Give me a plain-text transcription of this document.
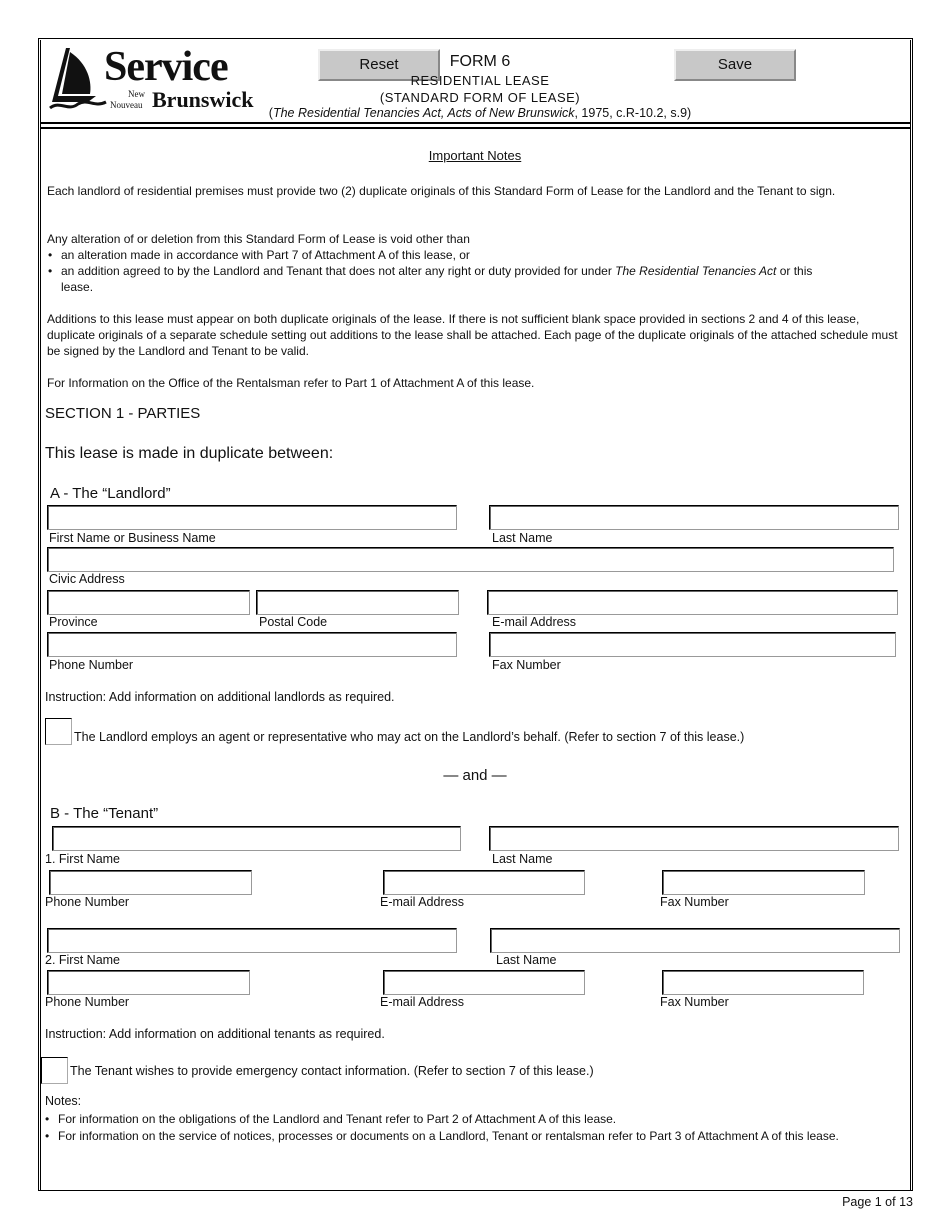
Service
New
Nouveau Brunswick
Reset	Save
FORM 6
RESIDENTIAL LEASE
(STANDARD FORM OF LEASE)
(The Residential Tenancies Act, Acts of New Brunswick, 1975, c.R-10.2, s.9)
Important Notes
Each landlord of residential premises must provide two (2) duplicate originals of this Standard Form of Lease for the Landlord and the Tenant to sign.
Any alteration of or deletion from this Standard Form of Lease is void other than
• an alteration made in accordance with Part 7 of Attachment A of this lease, or
• an addition agreed to by the Landlord and Tenant that does not alter any right or duty provided for under The Residential Tenancies Act or this lease.
Additions to this lease must appear on both duplicate originals of the lease. If there is not sufficient blank space provided in sections 2 and 4 of this lease, duplicate originals of a separate schedule setting out additions to the lease shall be attached. Each page of the duplicate originals of the attached schedule must be signed by the Landlord and Tenant to be valid.
For Information on the Office of the Rentalsman refer to Part 1 of Attachment A of this lease.
SECTION 1 - PARTIES
This lease is made in duplicate between:
A - The “Landlord”
First Name or Business Name	Last Name
Civic Address
Province	Postal Code	E-mail Address
Phone Number	Fax Number
Instruction: Add information on additional landlords as required.
The Landlord employs an agent or representative who may act on the Landlord’s behalf. (Refer to section 7 of this lease.)
— and —
B - The “Tenant”
1. First Name	Last Name
Phone Number	E-mail Address	Fax Number
2. First Name	Last Name
Phone Number	E-mail Address	Fax Number
Instruction: Add information on additional tenants as required.
The Tenant wishes to provide emergency contact information. (Refer to section 7 of this lease.)
Notes:
• For information on the obligations of the Landlord and Tenant refer to Part 2 of Attachment A of this lease.
• For information on the service of notices, processes or documents on a Landlord, Tenant or rentalsman refer to Part 3 of Attachment A of this lease.
Page 1 of 13
